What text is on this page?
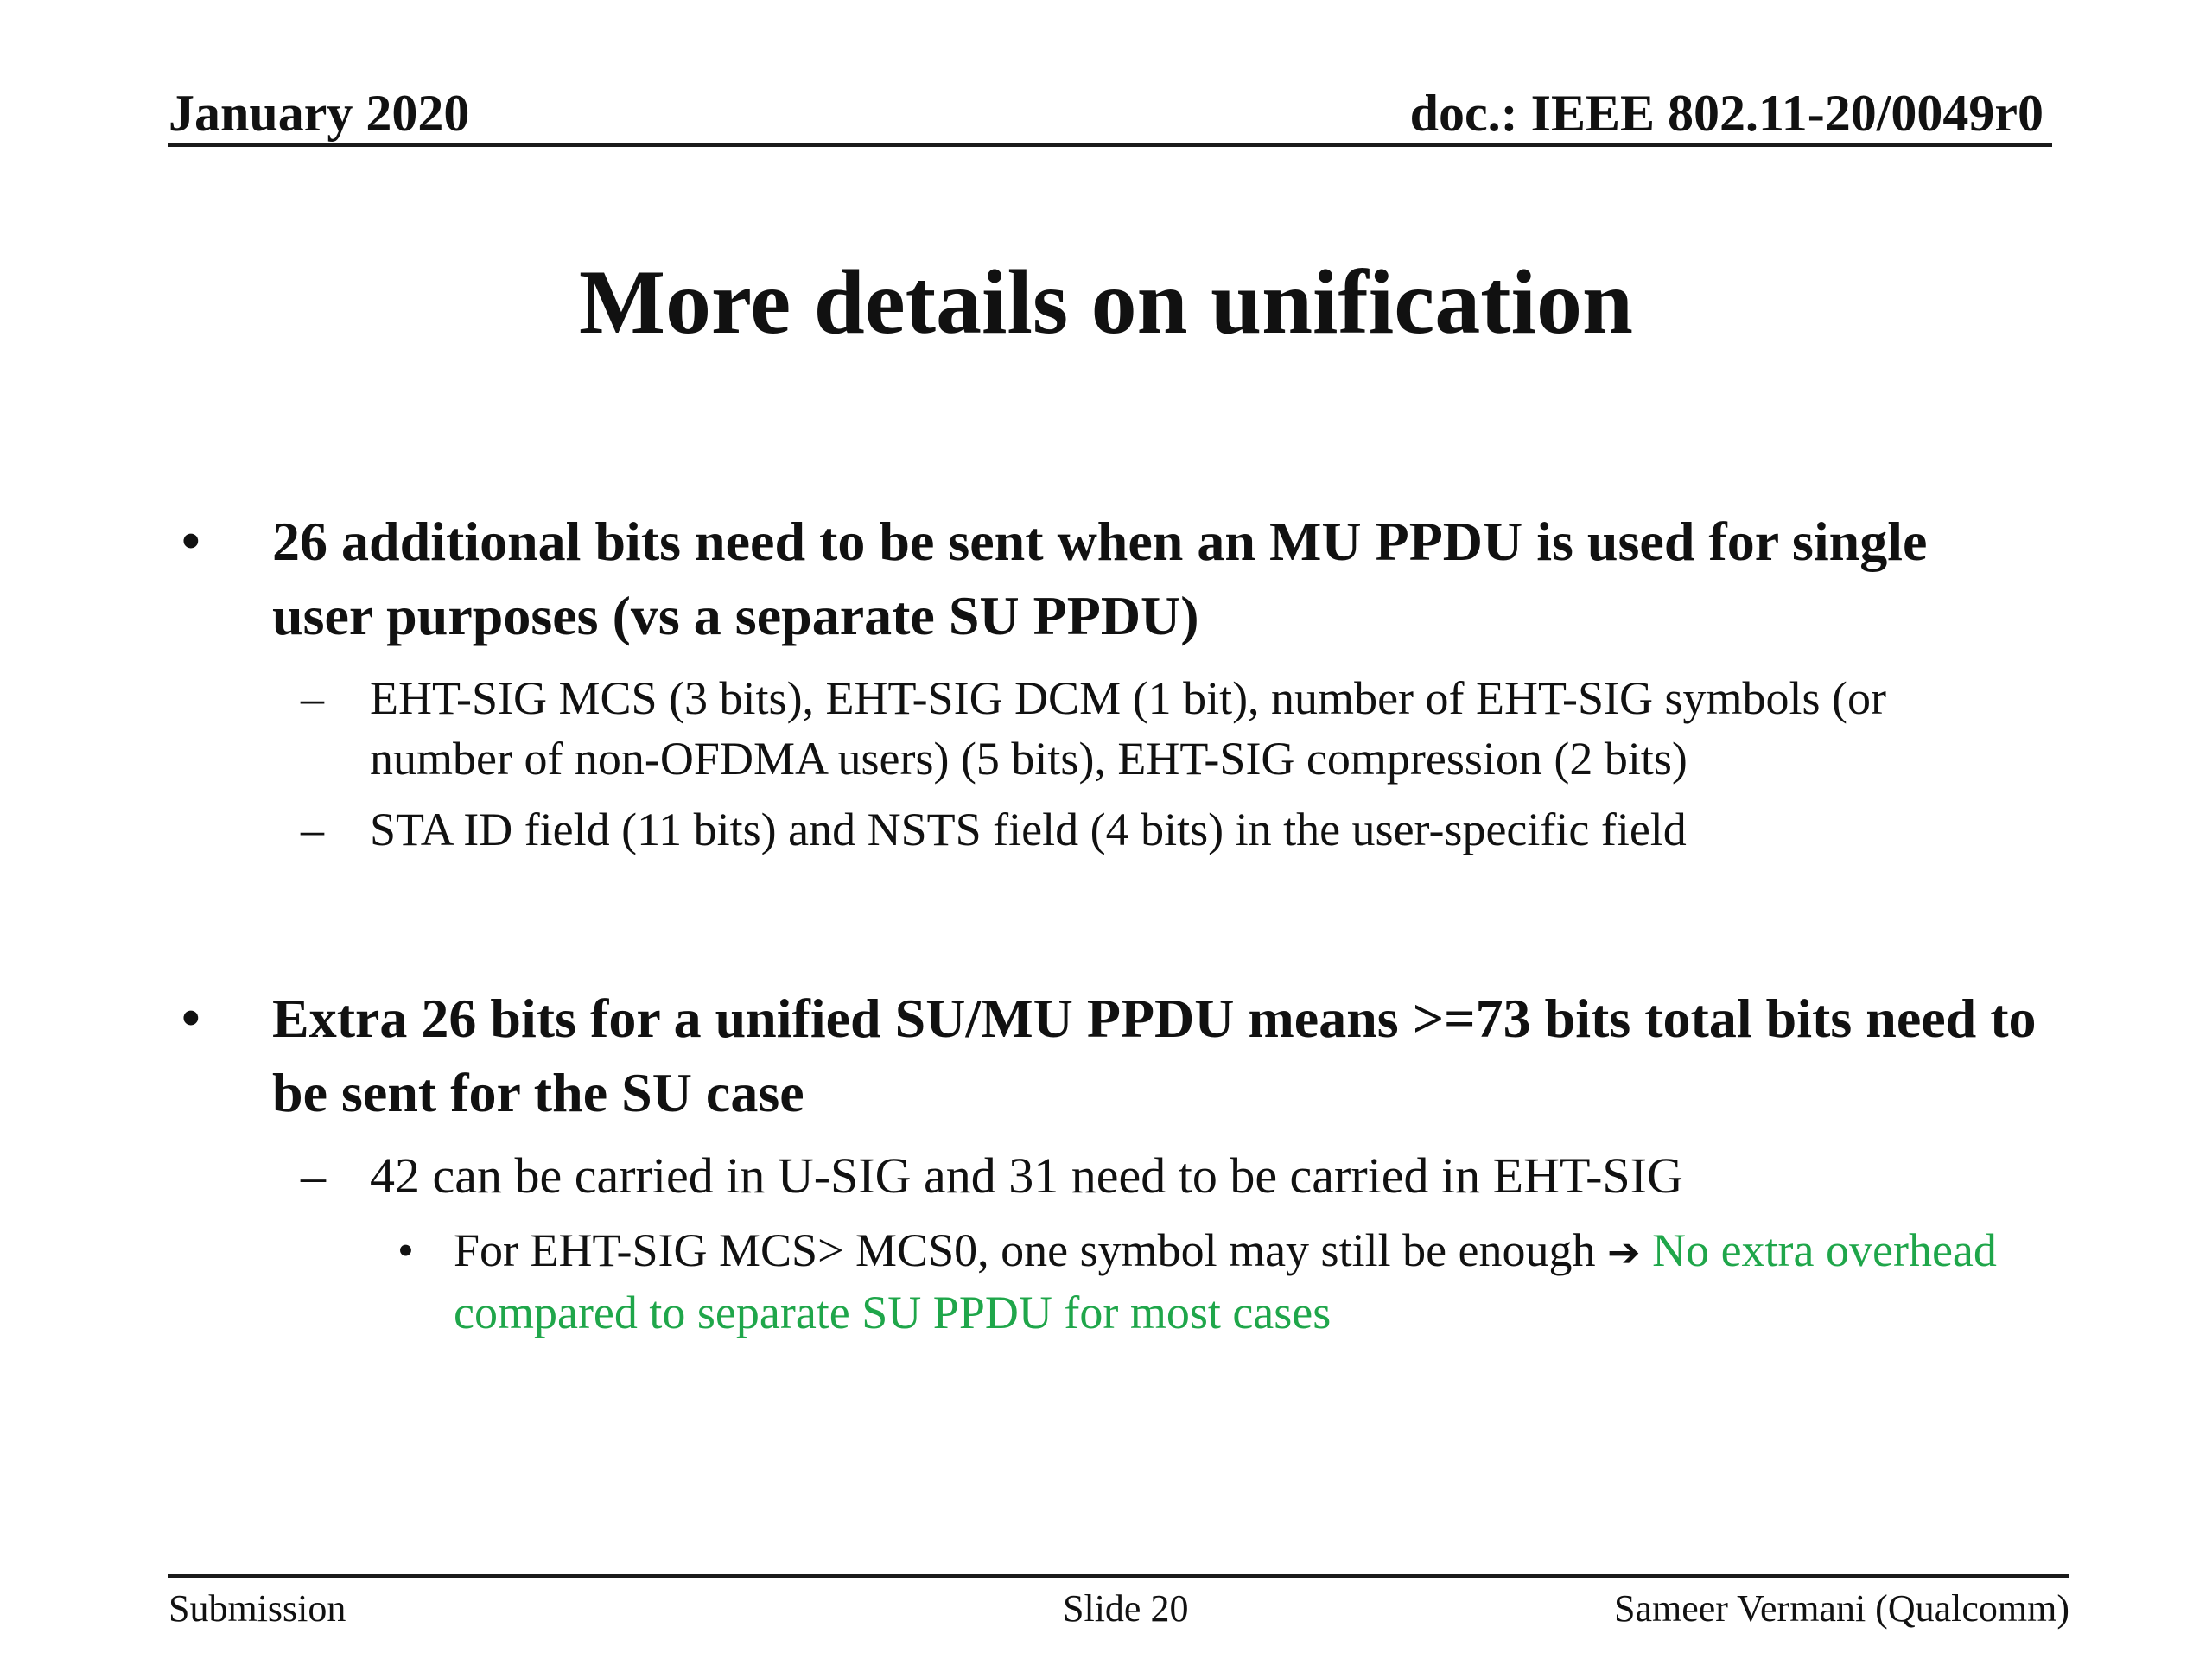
January 2020	doc.: IEEE 802.11-20/0049r0
More details on unification
• 26 additional bits need to be sent when an MU PPDU is used for single user purposes (vs a separate SU PPDU)
– EHT-SIG MCS (3 bits), EHT-SIG DCM (1 bit), number of EHT-SIG symbols (or number of non-OFDMA users) (5 bits), EHT-SIG compression (2 bits)
– STA ID field (11 bits) and NSTS field (4 bits) in the user-specific field
• Extra 26 bits for a unified SU/MU PPDU means >=73 bits total bits need to be sent for the SU case
– 42 can be carried in U-SIG and 31 need to be carried in EHT-SIG
• For EHT-SIG MCS> MCS0, one symbol may still be enough ➔ No extra overhead compared to separate SU PPDU for most cases
Submission	Slide 20	Sameer Vermani (Qualcomm)
